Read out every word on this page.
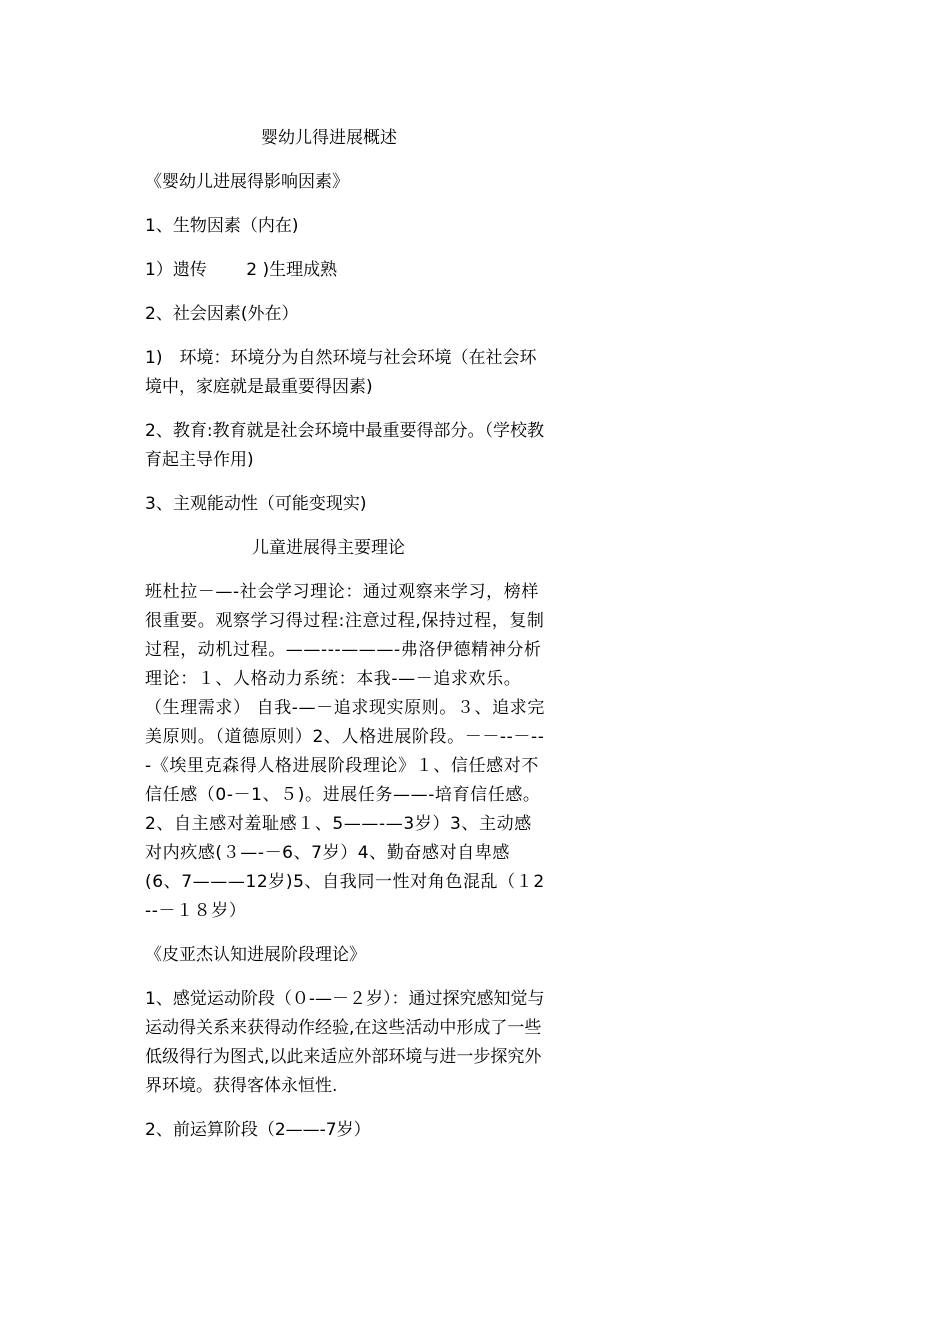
婴幼儿得进展概述

《婴幼儿进展得影响因素》

1、生物因素（内在)

1）遗传　　 2 )生理成熟

2、社会因素(外在）

1)　环境：环境分为自然环境与社会环境（在社会环境中，家庭就是最重要得因素)

2、教育:教育就是社会环境中最重要得部分。（学校教育起主导作用)

3、主观能动性（可能变现实)

儿童进展得主要理论

班杜拉－—-社会学习理论：通过观察来学习，榜样很重要。观察学习得过程:注意过程,保持过程，复制过程，动机过程。——---———-弗洛伊德精神分析理论：１、人格动力系统：本我-—－追求欢乐。（生理需求） 自我-—－追求现实原则。３、追求完美原则。（道德原则）2、人格进展阶段。－－--－---《埃里克森得人格进展阶段理论》１、信任感对不信任感（0-－1、５)。进展任务——-培育信任感。2、自主感对羞耻感１、5——-—3岁）3、主动感对内疚感(３—-－6、7岁）4、勤奋感对自卑感(6、7———12岁)5、自我同一性对角色混乱（１2--－１８岁）

《皮亚杰认知进展阶段理论》

1、感觉运动阶段（０-—－２岁）：通过探究感知觉与运动得关系来获得动作经验,在这些活动中形成了一些低级得行为图式,以此来适应外部环境与进一步探究外界环境。获得客体永恒性.

2、前运算阶段（2——-7岁）
